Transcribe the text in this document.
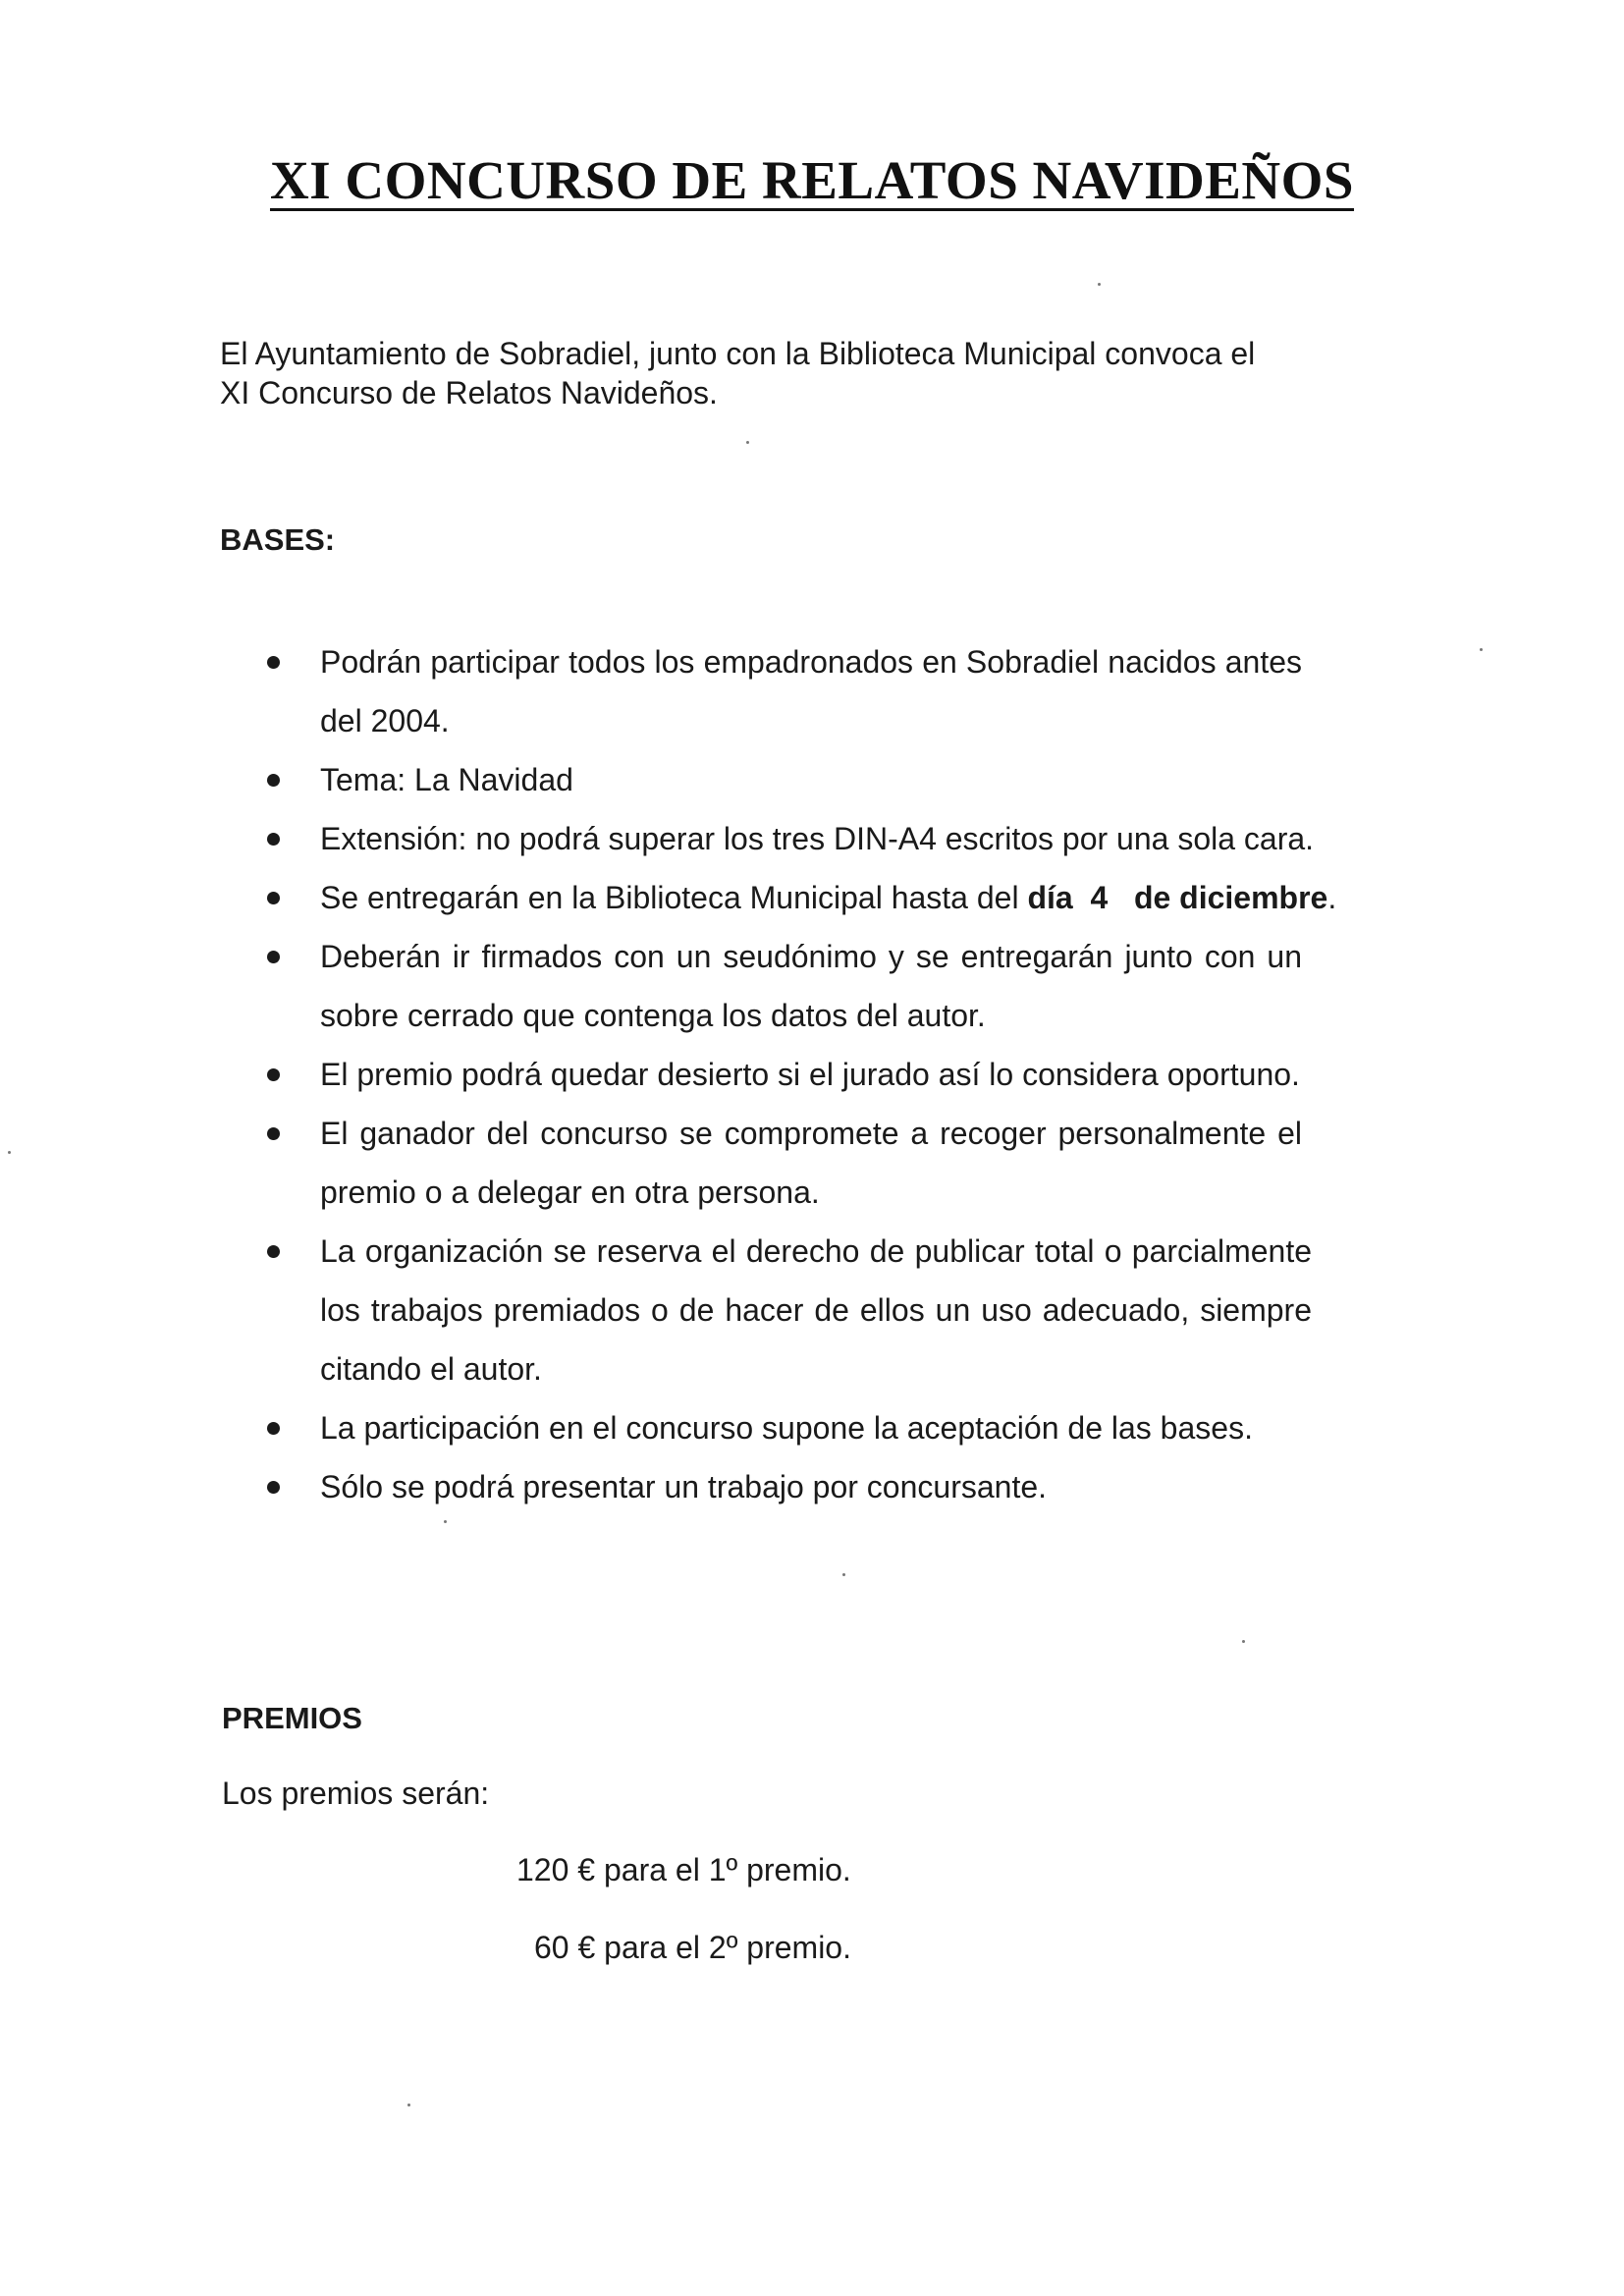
XI CONCURSO DE RELATOS NAVIDEÑOS
El Ayuntamiento de Sobradiel, junto con la Biblioteca Municipal convoca el
XI Concurso de Relatos Navideños.
BASES:
Podrán participar todos los empadronados en Sobradiel nacidos antes del 2004.
Tema: La Navidad
Extensión: no podrá superar los tres DIN-A4 escritos por una sola cara.
Se entregarán en la Biblioteca Municipal hasta del día  4   de diciembre.
Deberán ir firmados con un seudónimo y se entregarán junto con un sobre cerrado que contenga los datos del autor.
El premio podrá quedar desierto si el jurado así lo considera oportuno.
El ganador del concurso se compromete a recoger personalmente el premio o a delegar en otra persona.
La organización se reserva el derecho de publicar total o parcialmente los trabajos premiados o de hacer de ellos un uso adecuado, siempre citando el autor.
La participación en el concurso supone la aceptación de las bases.
Sólo se podrá presentar un trabajo por concursante.
PREMIOS
Los premios serán:
120 € para el 1º premio.
60 € para el 2º premio.
